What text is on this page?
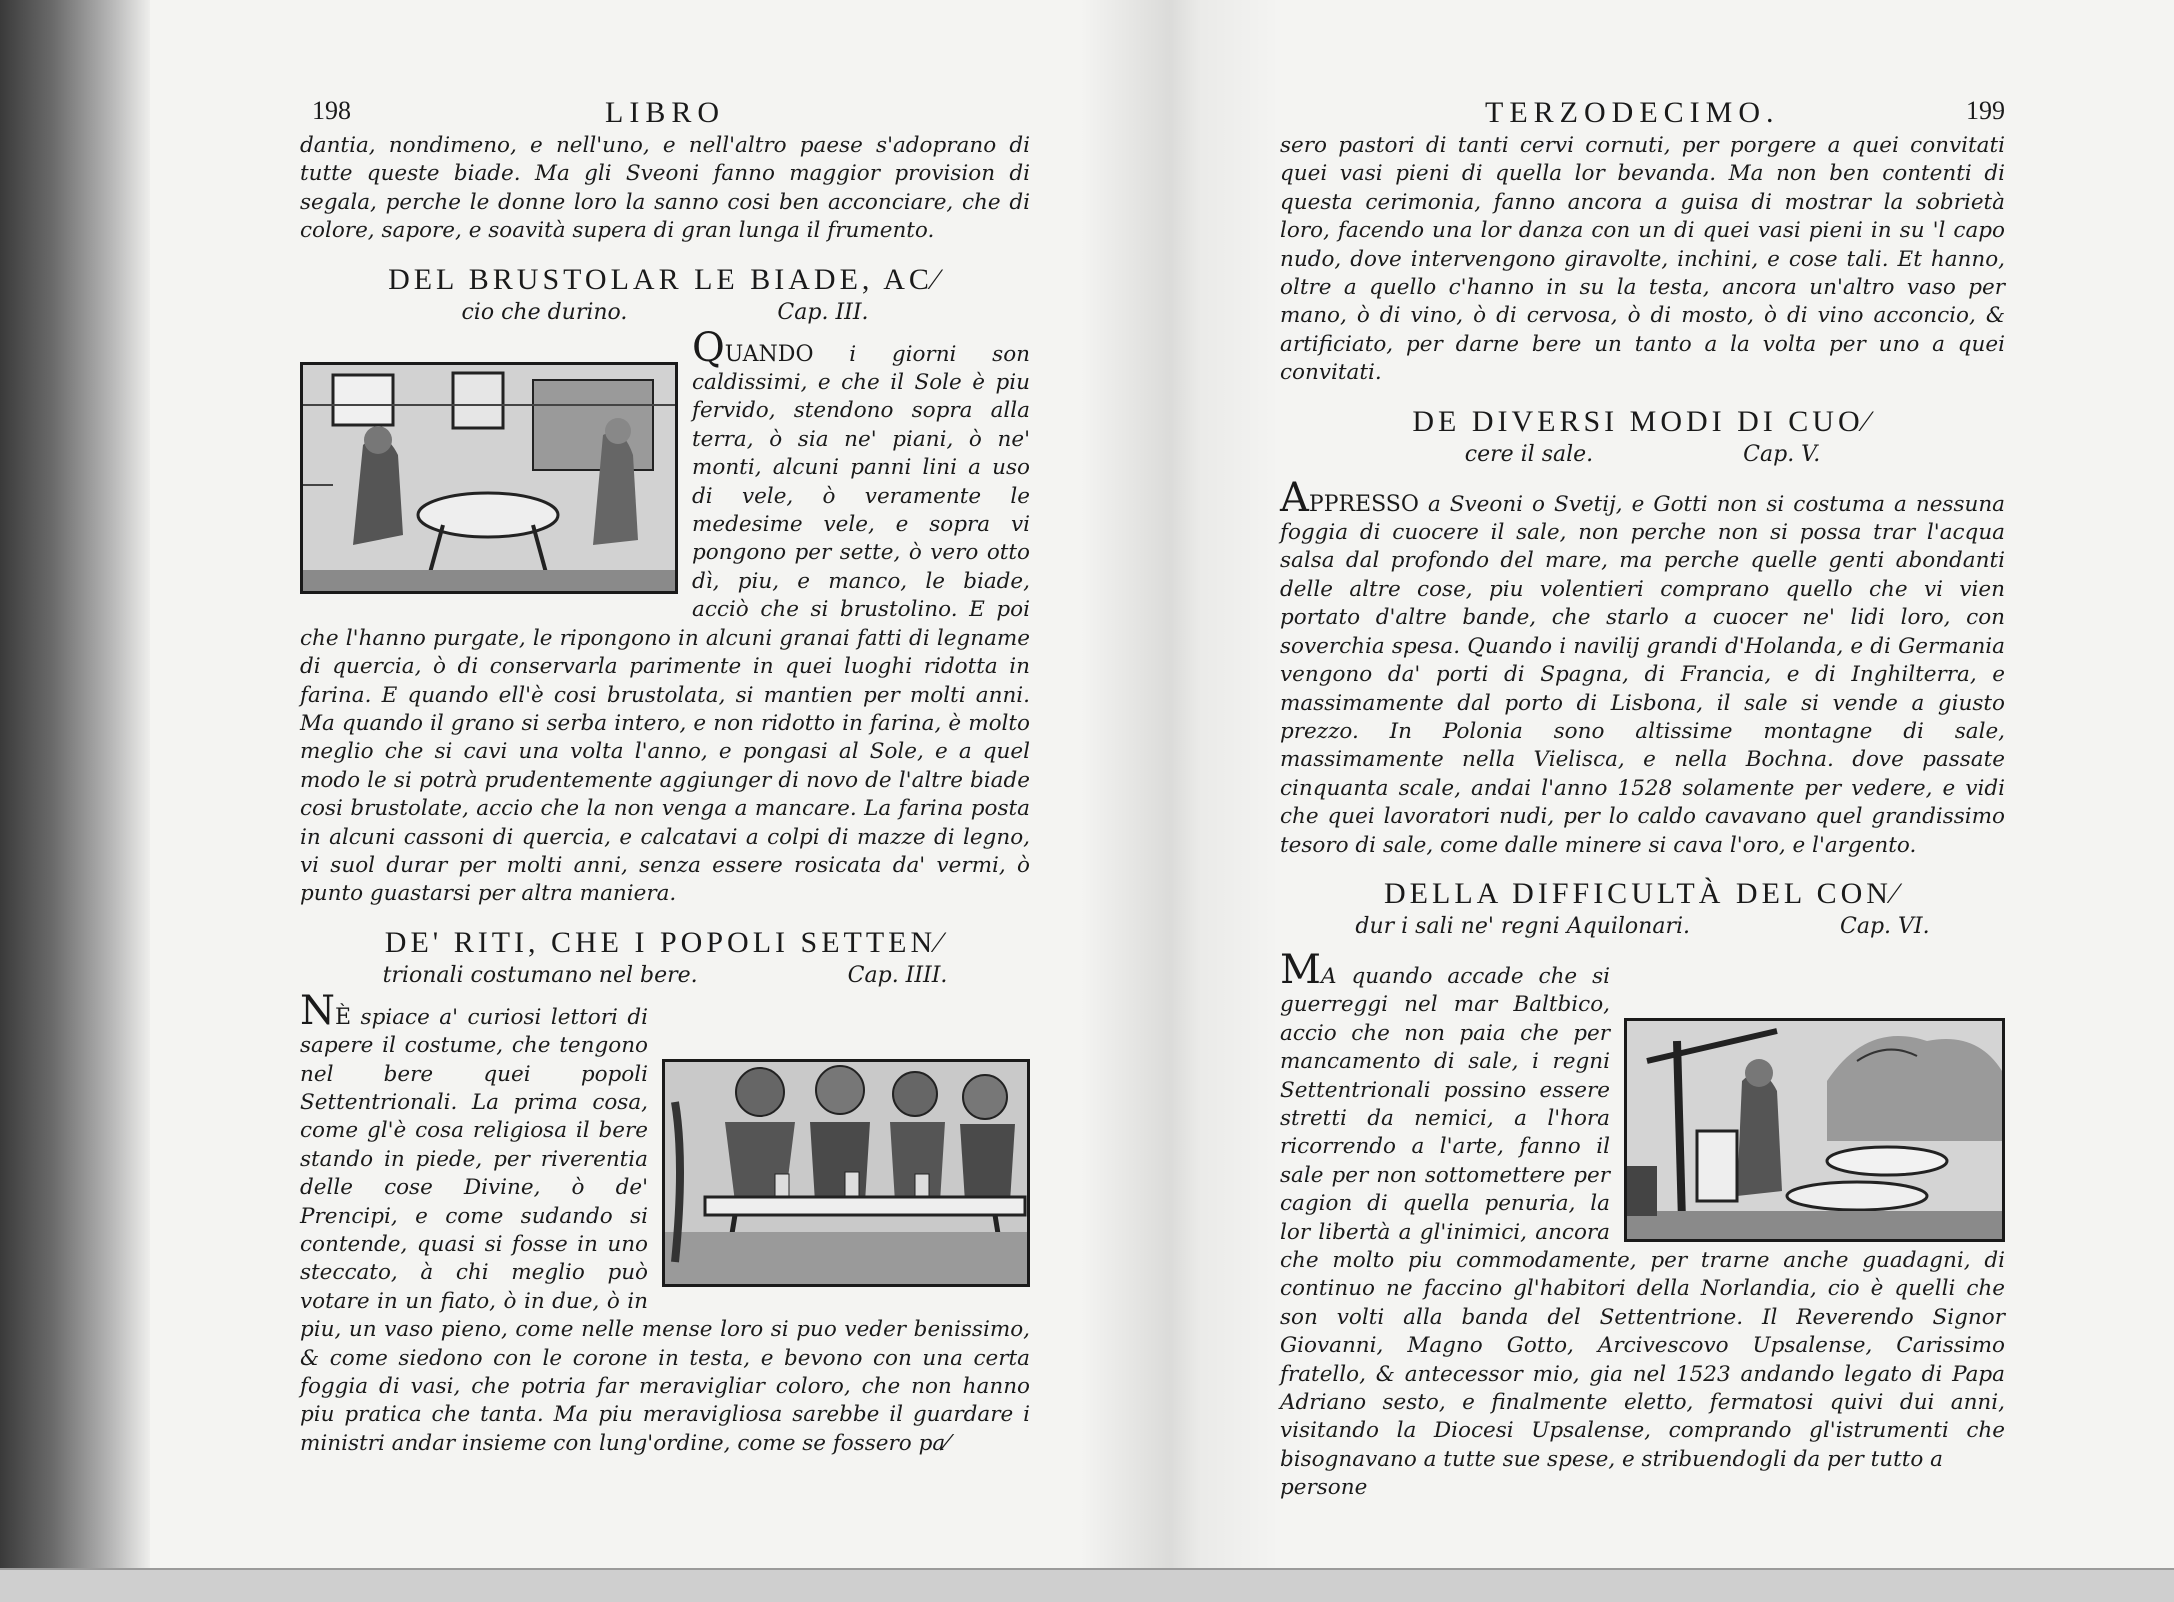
198	LIBRO

dantia, nondimeno, e nell'uno, e nell'altro paese s'adoprano di tutte queste biade. Ma gli Sveoni fanno maggior provision di segala, perche le donne loro la sanno cosi ben acconciare, che di colore, sapore, e soavità supera di gran lunga il frumento.

DEL BRUSTOLAR LE BIADE, AC⁄
cio che durino.	Cap. III.

QUANDO
i giorni son caldissimi, e che il Sole è piu fervido, stendono sopra alla terra, ò sia ne' piani, ò ne' monti, alcuni panni lini a uso di vele, ò veramente le medesime vele, e sopra vi pongono per sette, ò vero otto dì, piu, e manco, le biade, acciò che si brustolino. E poi che l'hanno purgate, le ripongono in alcuni granai fatti di legname di quercia, ò di conservarla parimente in quei luoghi ridotta in farina. E quando ell'è cosi brustolata, si mantien per molti anni. Ma quando il grano si serba intero, e non ridotto in farina, è molto meglio che si cavi una volta l'anno, e pongasi al Sole, e a quel modo le si potrà prudentemente aggiunger di novo de l'altre biade cosi brustolate, accio che la non venga a mancare. La farina posta in alcuni cassoni di quercia, e calcatavi a colpi di mazze di legno, vi suol durar per molti anni, senza essere rosicata da' vermi, ò punto guastarsi per altra maniera.

DE' RITI, CHE I POPOLI SETTEN⁄
trionali costumano nel bere.	Cap. IIII.

NÈ spiace a' curiosi lettori di sapere il costume, che tengono nel bere quei popoli Settentrionali. La prima cosa, come gl'è cosa religiosa il bere stando in piede, per riverentia delle cose Divine, ò de' Prencipi, e come sudando si contende, quasi si fosse in uno steccato, à chi meglio può votare in un fiato, ò in due, ò in piu, un vaso pieno, come nelle mense loro si puo veder benissimo, & come siedono con le corone in testa, e bevono con una certa foggia di vasi, che potria far meravigliar coloro, che non hanno piu pratica che tanta. Ma piu meravigliosa sarebbe il guardare i ministri andar insieme con lung'ordine, come se fossero pa⁄

TERZODECIMO.	199

sero pastori di tanti cervi cornuti, per porgere a quei convitati quei vasi pieni di quella lor bevanda. Ma non ben contenti di questa cerimonia, fanno ancora a guisa di mostrar la sobrietà loro, facendo una lor danza con un di quei vasi pieni in su 'l capo nudo, dove intervengono giravolte, inchini, e cose tali. Et hanno, oltre a quello c'hanno in su la testa, ancora un'altro vaso per mano, ò di vino, ò di cervosa, ò di mosto, ò di vino acconcio, & artificiato, per darne bere un tanto a la volta per uno a quei convitati.

DE DIVERSI MODI DI CUO⁄
cere il sale.	Cap. V.

APPRESSO a Sveoni o Svetij, e Gotti non si costuma a nessuna foggia di cuocere il sale, non perche non si possa trar l'acqua salsa dal profondo del mare, ma perche quelle genti abondanti delle altre cose, piu volentieri comprano quello che vi vien portato d'altre bande, che starlo a cuocer ne' lidi loro, con soverchia spesa. Quando i navilij grandi d'Holanda, e di Germania vengono da' porti di Spagna, di Francia, e di Inghilterra, e massimamente dal porto di Lisbona, il sale si vende a giusto prezzo. In Polonia sono altissime montagne di sale, massimamente nella Vielisca, e nella Bochna. dove passate cinquanta scale, andai l'anno 1528 solamente per vedere, e vidi che quei lavoratori nudi, per lo caldo cavavano quel grandissimo tesoro di sale, come dalle minere si cava l'oro, e l'argento.

DELLA DIFFICULTÀ DEL CON⁄
dur i sali ne' regni Aquilonari.	Cap. VI.

MA quando accade che si guerreggi nel mar Baltbico, accio che non paia che per mancamento di sale, i regni Settentrionali possino essere stretti da nemici, a l'hora ricorrendo a l'arte, fanno il sale per non sottomettere per cagion di quella penuria, la lor libertà a gl'inimici, ancora che molto piu commodamente, per trarne anche guadagni, di continuo ne faccino gl'habitori della Norlandia, cio è quelli che son volti alla banda del Settentrione. Il Reverendo Signor Giovanni, Magno Gotto, Arcivescovo Upsalense, Carissimo fratello, & antecessor mio, gia nel 1523 andando legato di Papa Adriano sesto, e finalmente eletto, fermatosi quivi dui anni, visitando la Diocesi Upsalense, comprando gl'istrumenti che bisognavano a tutte sue spese, e stribuendogli da per tutto a

persone
